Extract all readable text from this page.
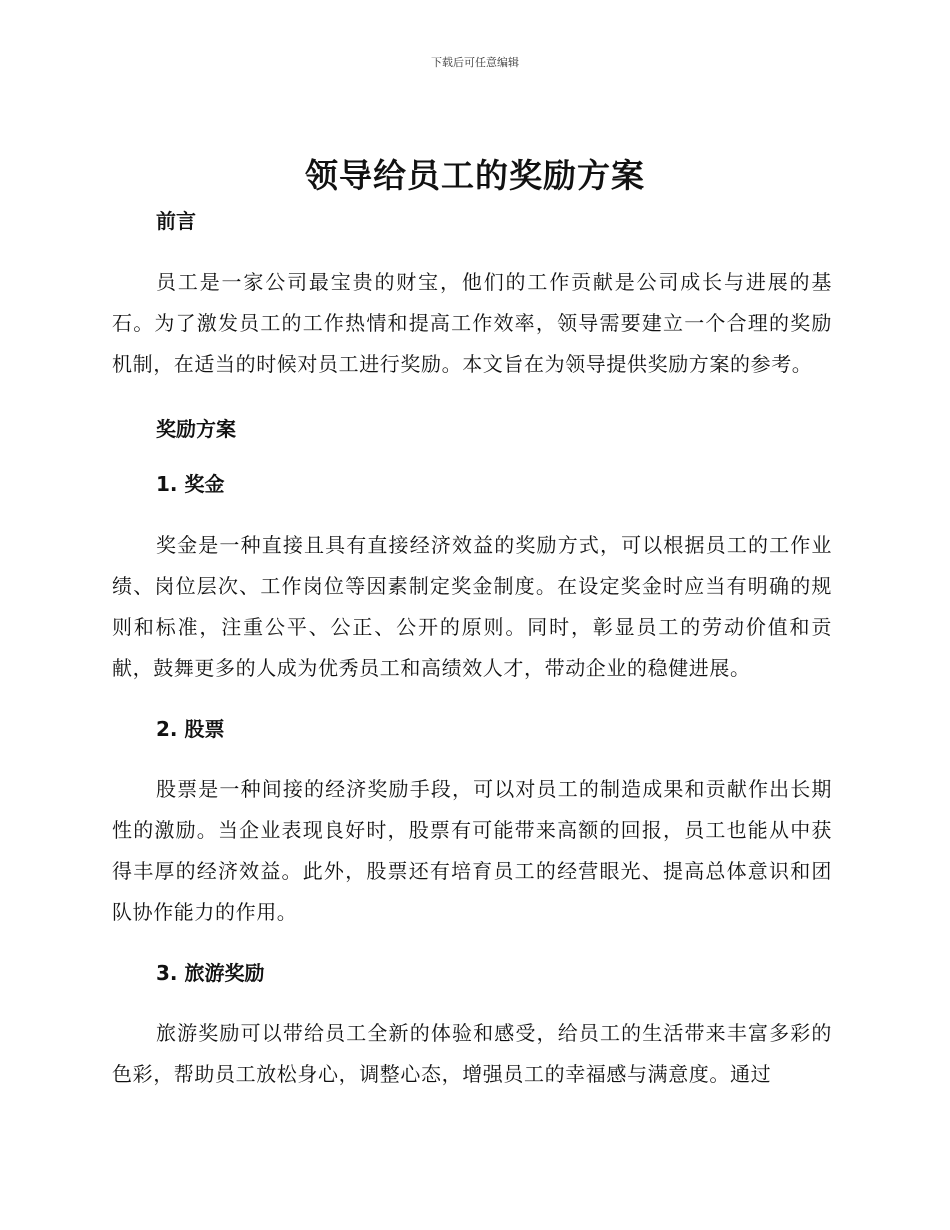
下载后可任意编辑
领导给员工的奖励方案

前言

员工是一家公司最宝贵的财宝，他们的工作贡献是公司成长与进展的基石。为了激发员工的工作热情和提高工作效率，领导需要建立一个合理的奖励机制，在适当的时候对员工进行奖励。本文旨在为领导提供奖励方案的参考。

奖励方案

1. 奖金

奖金是一种直接且具有直接经济效益的奖励方式，可以根据员工的工作业绩、岗位层次、工作岗位等因素制定奖金制度。在设定奖金时应当有明确的规则和标准，注重公平、公正、公开的原则。同时，彰显员工的劳动价值和贡献，鼓舞更多的人成为优秀员工和高绩效人才，带动企业的稳健进展。

2. 股票

股票是一种间接的经济奖励手段，可以对员工的制造成果和贡献作出长期性的激励。当企业表现良好时，股票有可能带来高额的回报，员工也能从中获得丰厚的经济效益。此外，股票还有培育员工的经营眼光、提高总体意识和团队协作能力的作用。

3. 旅游奖励

旅游奖励可以带给员工全新的体验和感受，给员工的生活带来丰富多彩的色彩，帮助员工放松身心，调整心态，增强员工的幸福感与满意度。通过
